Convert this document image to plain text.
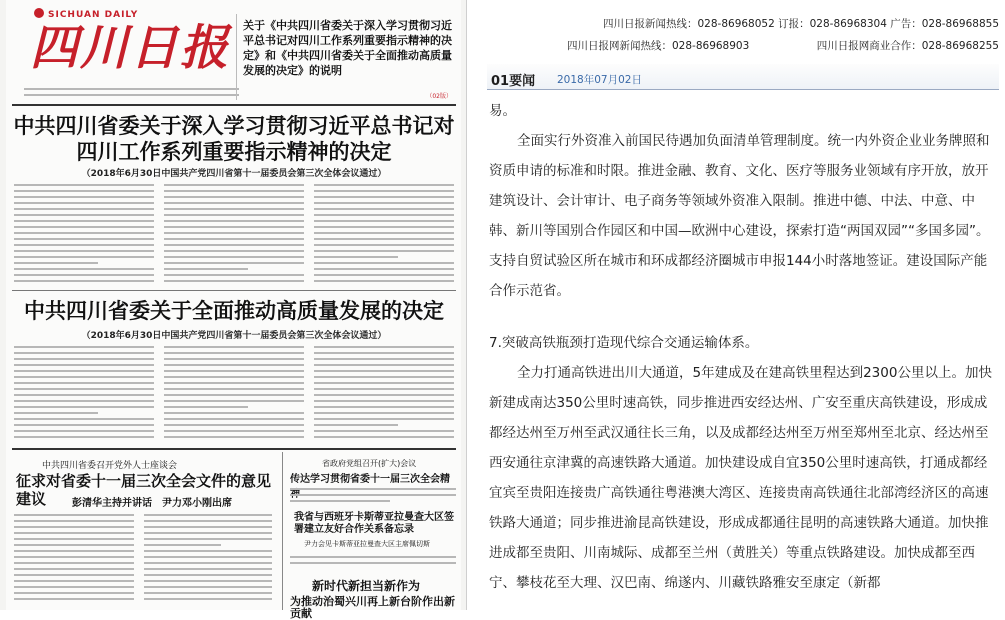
SICHUAN DAILY
四川日报 关于《中共四川省委关于深入学习贯彻习近平总书记对四川工作系列重要指示精神的决定》和《中共四川省委关于全面推动高质量发展的决定》的说明
（02版）
中共四川省委关于深入学习贯彻习近平总书记对四川工作系列重要指示精神的决定
（2018年6月30日中国共产党四川省第十一届委员会第三次全体会议通过）
中共四川省委关于全面推动高质量发展的决定
（2018年6月30日中国共产党四川省第十一届委员会第三次全体会议通过）
中共四川省委召开党外人士座谈会
征求对省委十一届三次全会文件的意见建议	彭清华主持并讲话　尹力邓小刚出席
省政府党组召开(扩大)会议
传达学习贯彻省委十一届三次全会精
我省与西班牙卡斯蒂亚拉曼查大区签署建立友好合作关系备忘录
尹力会见卡斯蒂亚拉曼查大区主席佩切斯
新时代新担当新作为
为推动治蜀兴川再上新台阶作出新贡献
四川日报新闻热线：028-86968052 订报：028-86968304 广告：028-86968855
四川日报网新闻热线：028-86968903	四川日报网商业合作：028-86968255
01要闻 2018年07月02日

易。

全面实行外资准入前国民待遇加负面清单管理制度。统一内外资企业业务牌照和资质申请的标准和时限。推进金融、教育、文化、医疗等服务业领域有序开放，放开建筑设计、会计审计、电子商务等领域外资准入限制。推进中德、中法、中意、中韩、新川等国别合作园区和中国—欧洲中心建设，探索打造“两国双园”“多国多园”。支持自贸试验区所在城市和环成都经济圈城市申报144小时落地签证。建设国际产能合作示范省。

7.突破高铁瓶颈打造现代综合交通运输体系。

全力打通高铁进出川大通道，5年建成及在建高铁里程达到2300公里以上。加快新建成南达350公里时速高铁，同步推进西安经达州、广安至重庆高铁建设，形成成都经达州至万州至武汉通往长三角，以及成都经达州至万州至郑州至北京、经达州至西安通往京津冀的高速铁路大通道。加快建设成自宜350公里时速高铁，打通成都经宜宾至贵阳连接贵广高铁通往粤港澳大湾区、连接贵南高铁通往北部湾经济区的高速铁路大通道；同步推进渝昆高铁建设，形成成都通往昆明的高速铁路大通道。加快推进成都至贵阳、川南城际、成都至兰州（黄胜关）等重点铁路建设。加快成都至西宁、攀枝花至大理、汉巴南、绵遂内、川藏铁路雅安至康定（新都
